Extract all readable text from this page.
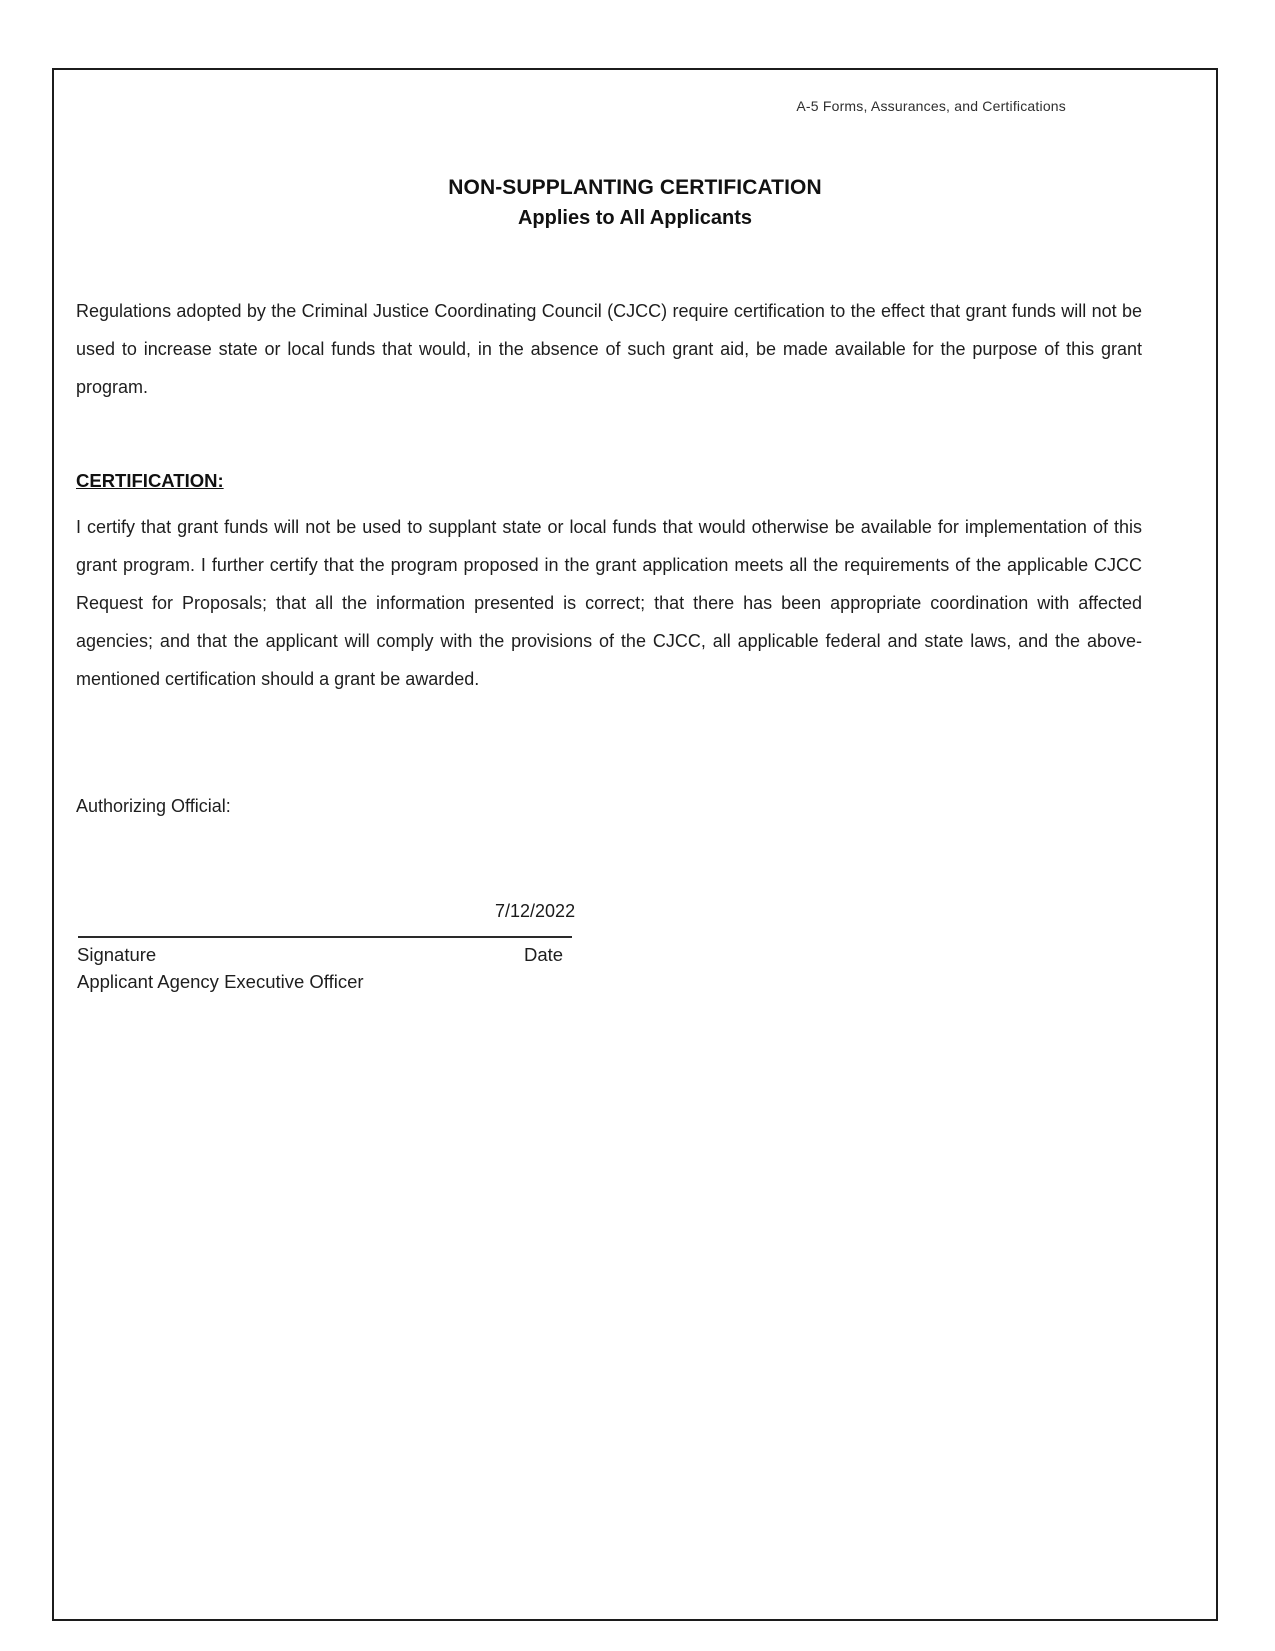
A-5 Forms, Assurances, and Certifications
NON-SUPPLANTING CERTIFICATION
Applies to All Applicants
Regulations adopted by the Criminal Justice Coordinating Council (CJCC) require certification to the effect that grant funds will not be used to increase state or local funds that would, in the absence of such grant aid, be made available for the purpose of this grant program.
CERTIFICATION:
I certify that grant funds will not be used to supplant state or local funds that would otherwise be available for implementation of this grant program. I further certify that the program proposed in the grant application meets all the requirements of the applicable CJCC Request for Proposals; that all the information presented is correct; that there has been appropriate coordination with affected agencies; and that the applicant will comply with the provisions of the CJCC, all applicable federal and state laws, and the above-mentioned certification should a grant be awarded.
Authorizing Official:
7/12/2022
Signature	Date
Applicant Agency Executive Officer
